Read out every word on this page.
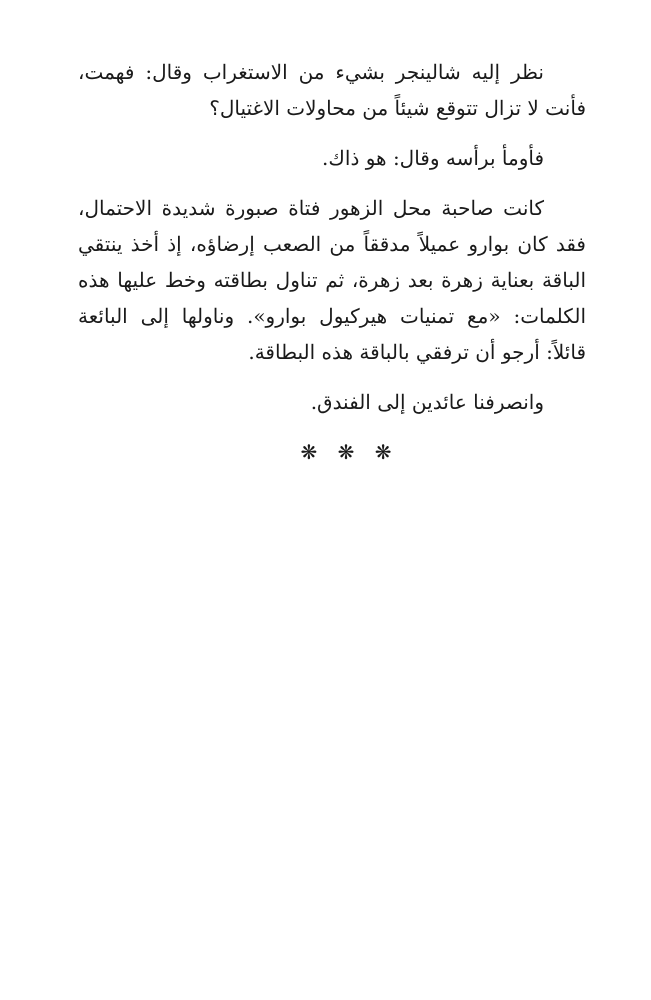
نظر إليه شالينجر بشيء من الاستغراب وقال: فهمت، فأنت لا تزال تتوقع شيئاً من محاولات الاغتيال؟

فأومأ برأسه وقال: هو ذاك.

كانت صاحبة محل الزهور فتاة صبورة شديدة الاحتمال، فقد كان بوارو عميلاً مدققاً من الصعب إرضاؤه، إذ أخذ ينتقي الباقة بعناية زهرة بعد زهرة، ثم تناول بطاقته وخط عليها هذه الكلمات: «مع تمنيات هيركيول بوارو». وناولها إلى البائعة قائلاً: أرجو أن ترفقي بالباقة هذه البطاقة.

وانصرفنا عائدين إلى الفندق.

❋ ❋ ❋
